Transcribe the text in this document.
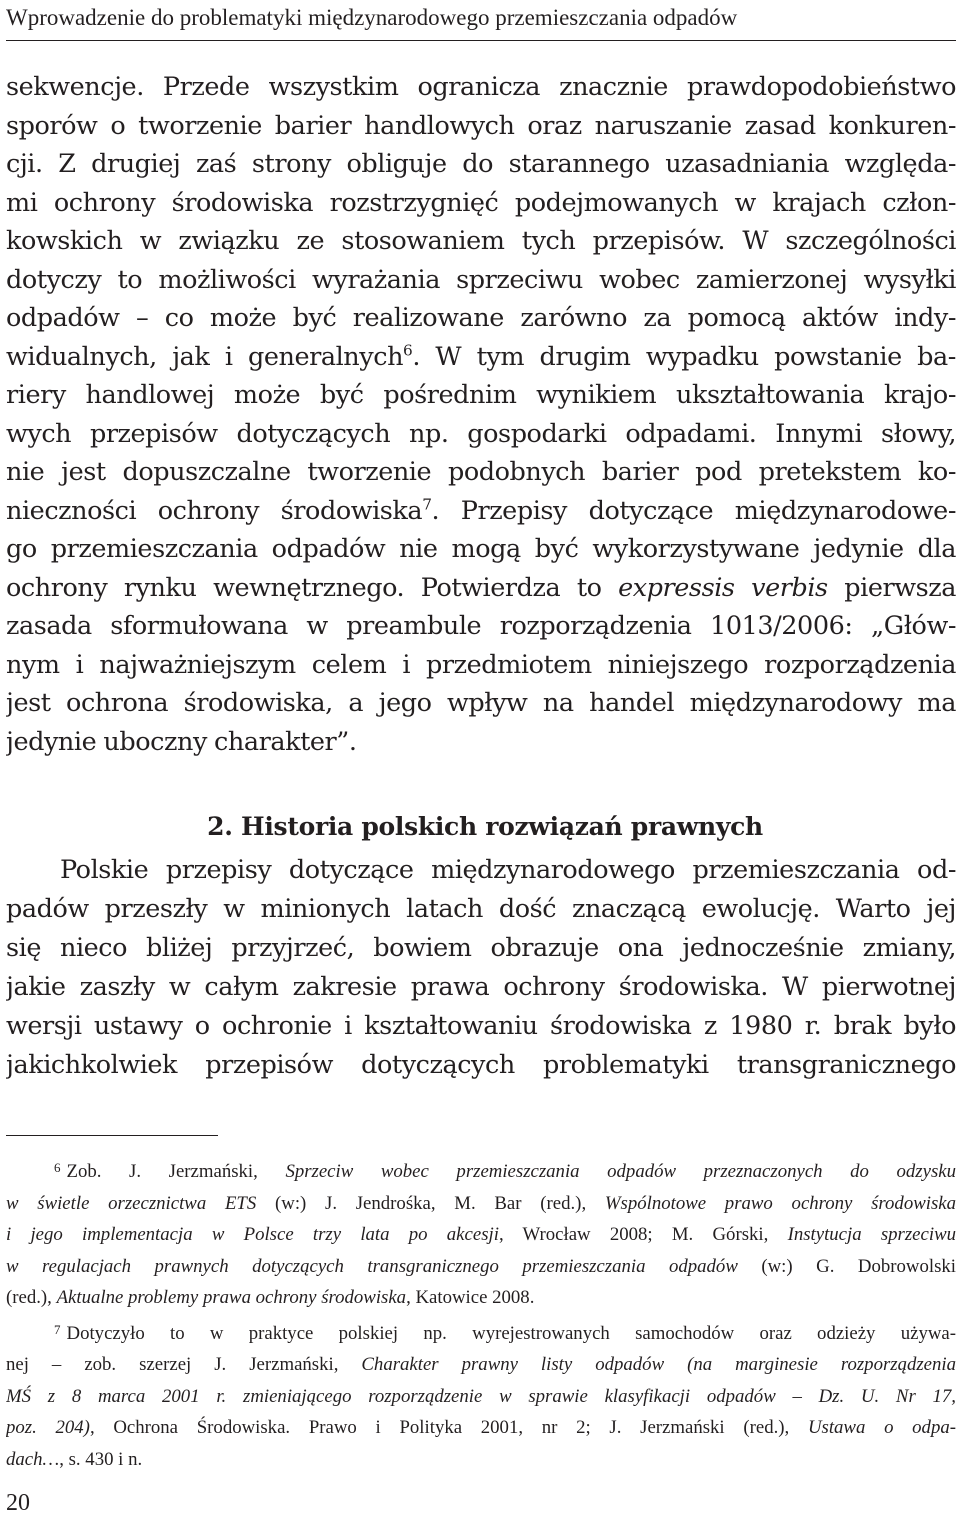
Wprowadzenie do problematyki międzynarodowego przemieszczania odpadów
sekwencje. Przede wszystkim ogranicza znacznie prawdopodobieństwo
sporów o tworzenie barier handlowych oraz naruszanie zasad konkuren-
cji. Z drugiej zaś strony obliguje do starannego uzasadniania względa-
mi ochrony środowiska rozstrzygnięć podejmowanych w krajach człon-
kowskich w związku ze stosowaniem tych przepisów. W szczególności
dotyczy to możliwości wyrażania sprzeciwu wobec zamierzonej wysyłki
odpadów – co może być realizowane zarówno za pomocą aktów indy-
widualnych, jak i generalnych$^6$. W tym drugim wypadku powstanie ba-
riery handlowej może być pośrednim wynikiem ukształtowania krajo-
wych przepisów dotyczących np. gospodarki odpadami. Innymi słowy,
nie jest dopuszczalne tworzenie podobnych barier pod pretekstem ko-
nieczności ochrony środowiska$^7$. Przepisy dotyczące międzynarodowe-
go przemieszczania odpadów nie mogą być wykorzystywane jedynie dla
ochrony rynku wewnętrznego. Potwierdza to expressis verbis pierwsza
zasada sformułowana w preambule rozporządzenia 1013/2006: „Głów-
nym i najważniejszym celem i przedmiotem niniejszego rozporządzenia
jest ochrona środowiska, a jego wpływ na handel międzynarodowy ma
jedynie uboczny charakter”.
2. Historia polskich rozwiązań prawnych
Polskie przepisy dotyczące międzynarodowego przemieszczania od-
padów przeszły w minionych latach dość znaczącą ewolucję. Warto jej
się nieco bliżej przyjrzeć, bowiem obrazuje ona jednocześnie zmiany,
jakie zaszły w całym zakresie prawa ochrony środowiska. W pierwotnej
wersji ustawy o ochronie i kształtowaniu środowiska z 1980 r. brak było
jakichkolwiek przepisów dotyczących problematyki transgranicznego
6 Zob. J. Jerzmański, Sprzeciw wobec przemieszczania odpadów przeznaczonych do odzysku
w świetle orzecznictwa ETS (w:) J. Jendrośka, M. Bar (red.), Wspólnotowe prawo ochrony środowiska
i jego implementacja w Polsce trzy lata po akcesji, Wrocław 2008; M. Górski, Instytucja sprzeciwu
w regulacjach prawnych dotyczących transgranicznego przemieszczania odpadów (w:) G. Dobrowolski
(red.), Aktualne problemy prawa ochrony środowiska, Katowice 2008.
7 Dotyczyło to w praktyce polskiej np. wyrejestrowanych samochodów oraz odzieży używa-
nej – zob. szerzej J. Jerzmański, Charakter prawny listy odpadów (na marginesie rozporządzenia
MŚ z 8 marca 2001 r. zmieniającego rozporządzenie w sprawie klasyfikacji odpadów – Dz. U. Nr 17,
poz. 204), Ochrona Środowiska. Prawo i Polityka 2001, nr 2; J. Jerzmański (red.), Ustawa o odpa-
dach…, s. 430 i n.
20
